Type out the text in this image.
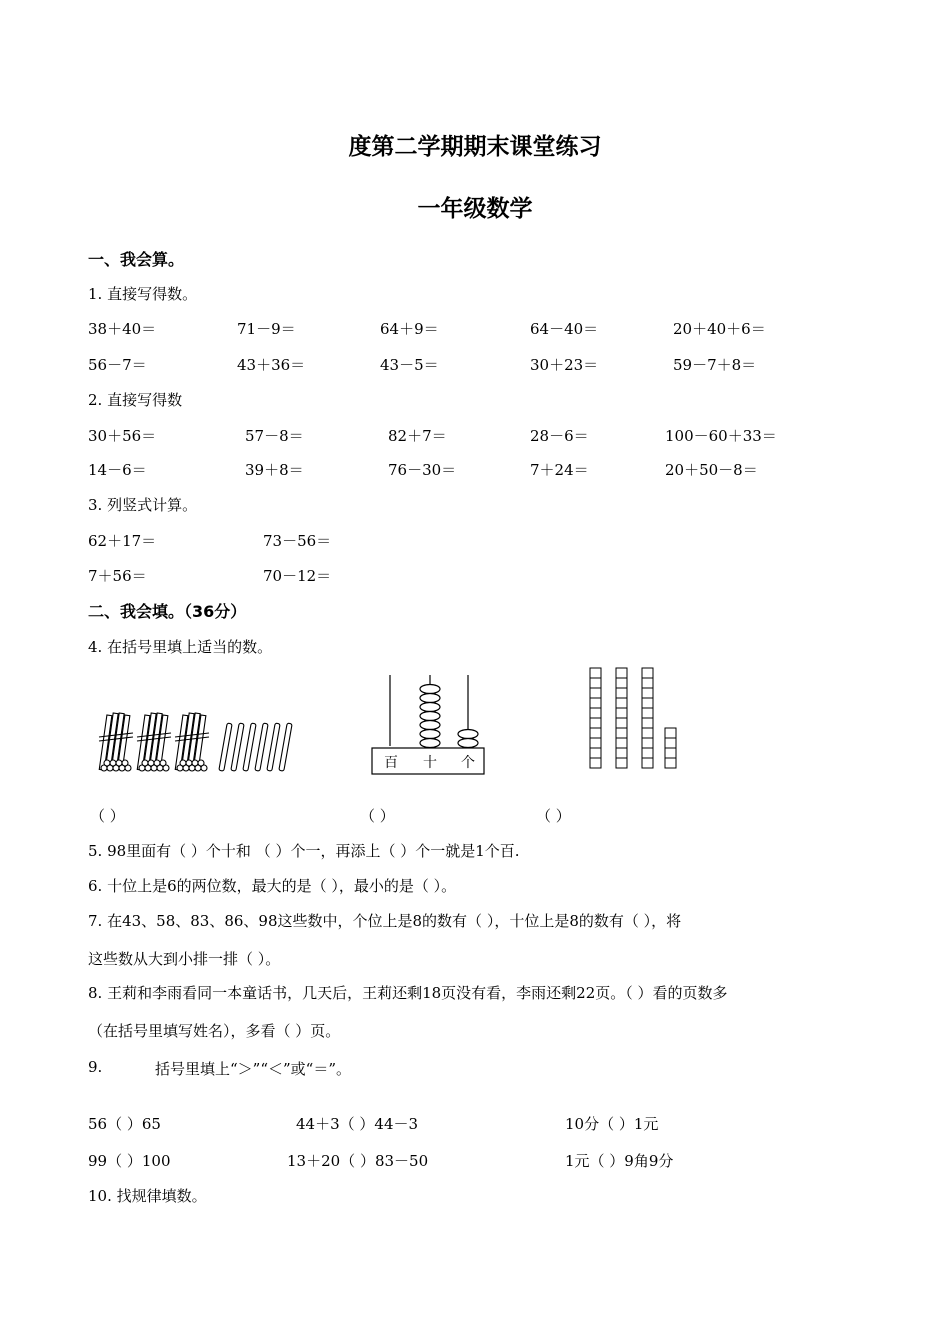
度第二学期期末课堂练习
一年级数学
一、我会算。
1. 直接写得数。
38＋40＝	71－9＝	64＋9＝	64－40＝	20＋40＋6＝
56－7＝	43＋36＝	43－5＝	30＋23＝	59－7＋8＝
2. 直接写得数
30＋56＝	57－8＝	82＋7＝	28－6＝	100－60＋33＝
14－6＝	39＋8＝	76－30＝	7＋24＝	20＋50－8＝
3. 列竖式计算。
62＋17＝	73－56＝
7＋56＝	70－12＝
二、我会填。（36分）
4. 在括号里填上适当的数。
百 十 个
（ ）	（ ）	（ ）
5. 98里面有（ ）个十和 （ ）个一，再添上（ ）个一就是1个百.
6. 十位上是6的两位数，最大的是（ ），最小的是（ ）。
7. 在43、58、83、86、98这些数中，个位上是8的数有（ ），十位上是8的数有（ ），将
这些数从大到小排一排（ ）。
8. 王莉和李雨看同一本童话书，几天后，王莉还剩18页没有看，李雨还剩22页。（ ）看的页数多
（在括号里填写姓名），多看（ ）页。
9.	括号里填上“＞”“＜”或“＝”。
56（ ）65	44＋3（ ）44－3	10分（ ）1元
99（ ）100	13＋20（ ）83－50	1元（ ）9角9分
10. 找规律填数。
